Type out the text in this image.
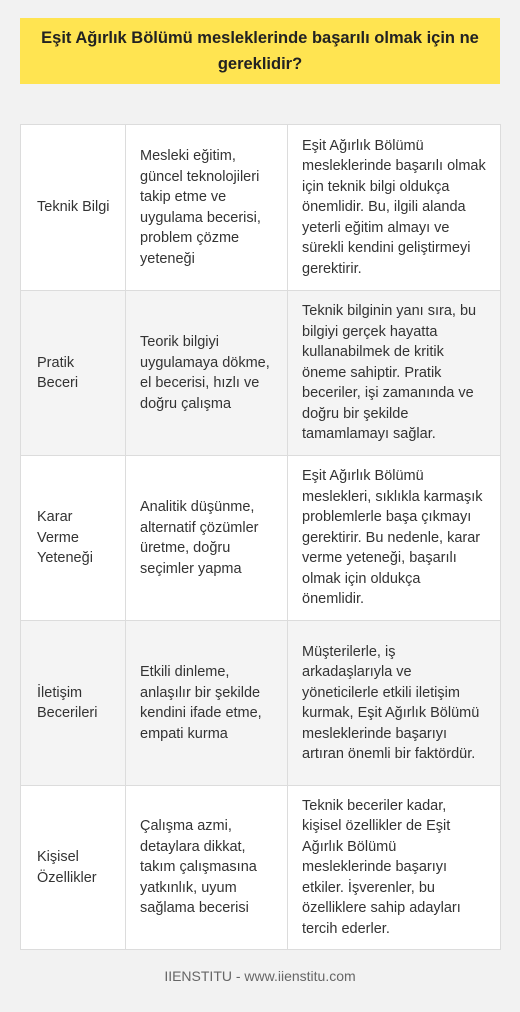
Eşit Ağırlık Bölümü mesleklerinde başarılı olmak için ne gereklidir?
Teknik Bilgi	Mesleki eğitim, güncel teknolojileri takip etme ve uygulama becerisi, problem çözme yeteneği	Eşit Ağırlık Bölümü mesleklerinde başarılı olmak için teknik bilgi oldukça önemlidir. Bu, ilgili alanda yeterli eğitim almayı ve sürekli kendini geliştirmeyi gerektirir.
Pratik Beceri	Teorik bilgiyi uygulamaya dökme, el becerisi, hızlı ve doğru çalışma	Teknik bilginin yanı sıra, bu bilgiyi gerçek hayatta kullanabilmek de kritik öneme sahiptir. Pratik beceriler, işi zamanında ve doğru bir şekilde tamamlamayı sağlar.
Karar Verme Yeteneği	Analitik düşünme, alternatif çözümler üretme, doğru seçimler yapma	Eşit Ağırlık Bölümü meslekleri, sıklıkla karmaşık problemlerle başa çıkmayı gerektirir. Bu nedenle, karar verme yeteneği, başarılı olmak için oldukça önemlidir.
İletişim Becerileri	Etkili dinleme, anlaşılır bir şekilde kendini ifade etme, empati kurma	Müşterilerle, iş arkadaşlarıyla ve yöneticilerle etkili iletişim kurmak, Eşit Ağırlık Bölümü mesleklerinde başarıyı artıran önemli bir faktördür.
Kişisel Özellikler	Çalışma azmi, detaylara dikkat, takım çalışmasına yatkınlık, uyum sağlama becerisi	Teknik beceriler kadar, kişisel özellikler de Eşit Ağırlık Bölümü mesleklerinde başarıyı etkiler. İşverenler, bu özelliklere sahip adayları tercih ederler.
IIENSTITU - www.iienstitu.com
